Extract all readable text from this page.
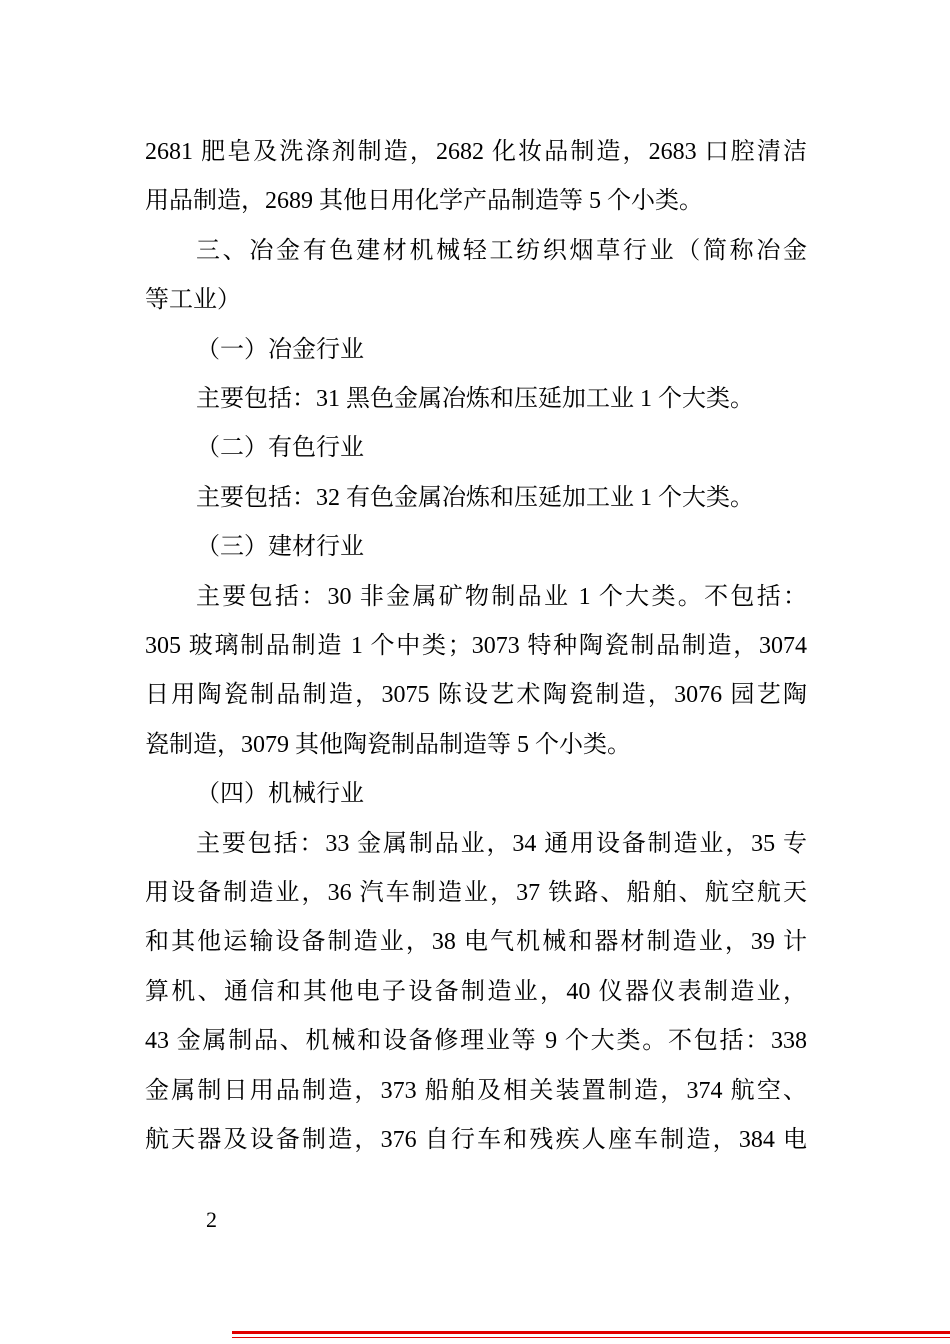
2681 肥皂及洗涤剂制造，2682 化妆品制造，2683 口腔清洁
用品制造，2689 其他日用化学产品制造等 5 个小类。
三、冶金有色建材机械轻工纺织烟草行业（简称冶金
等工业）
（一）冶金行业
主要包括：31 黑色金属冶炼和压延加工业 1 个大类。
（二）有色行业
主要包括：32 有色金属冶炼和压延加工业 1 个大类。
（三）建材行业
主要包括：30 非金属矿物制品业 1 个大类。不包括：
305 玻璃制品制造 1 个中类；3073 特种陶瓷制品制造，3074
日用陶瓷制品制造，3075 陈设艺术陶瓷制造，3076 园艺陶
瓷制造，3079 其他陶瓷制品制造等 5 个小类。
（四）机械行业
主要包括：33 金属制品业，34 通用设备制造业，35 专
用设备制造业，36 汽车制造业，37 铁路、船舶、航空航天
和其他运输设备制造业，38 电气机械和器材制造业，39 计
算机、通信和其他电子设备制造业，40 仪器仪表制造业，
43 金属制品、机械和设备修理业等 9 个大类。不包括：338
金属制日用品制造，373 船舶及相关装置制造，374 航空、
航天器及设备制造，376 自行车和残疾人座车制造，384 电
2
